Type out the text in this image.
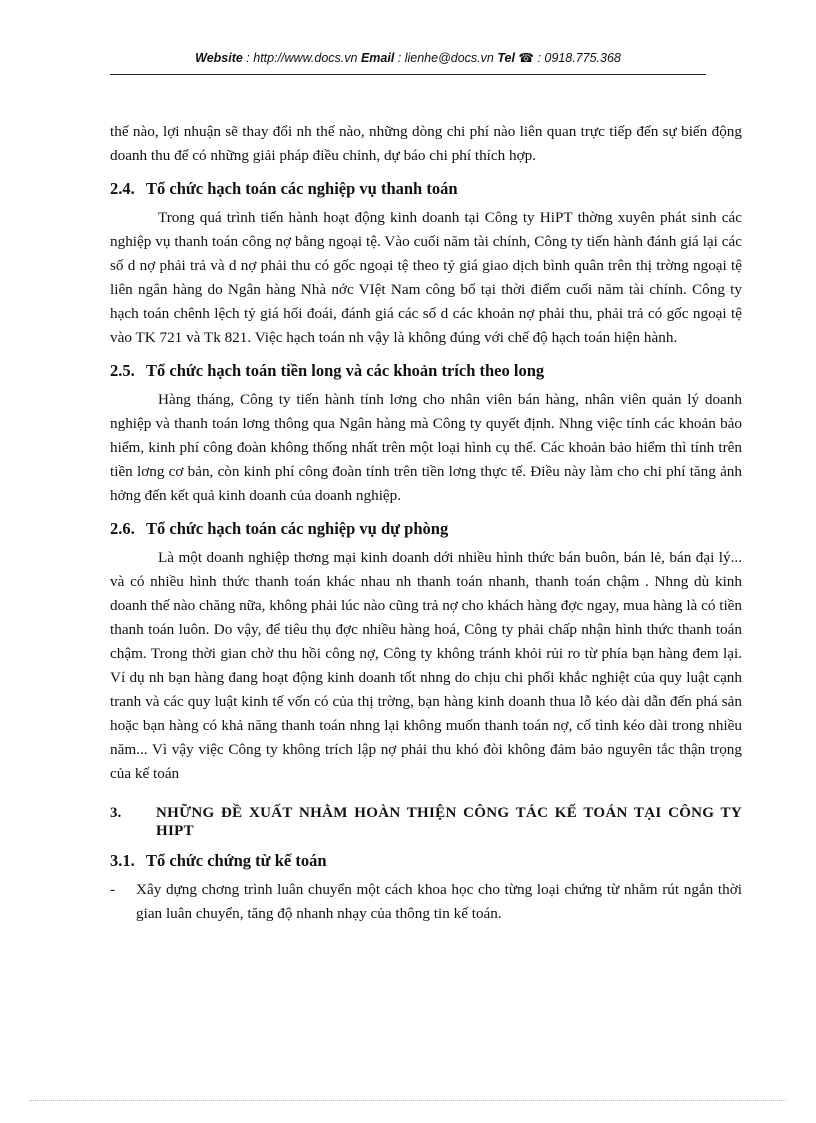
Website : http://www.docs.vn Email : lienhe@docs.vn Tel ☎ : 0918.775.368

thế nào, lợi nhuận sẽ thay đổi nh thế nào, những dòng chi phí nào liên quan trực tiếp đến sự biến động doanh thu để có những giải pháp điều chỉnh, dự báo chi phí thích hợp.

2.4. Tổ chức hạch toán các nghiệp vụ thanh toán

Trong quá trình tiến hành hoạt động kinh doanh tại Công ty HiPT thờng xuyên phát sinh các nghiệp vụ thanh toán công nợ bằng ngoại tệ. Vào cuối năm tài chính, Công ty tiến hành đánh giá lại các số d nợ phải trả và d nợ phải thu có gốc ngoại tệ theo tỷ giá giao dịch bình quân trên thị trờng ngoại tệ liên ngân hàng do Ngân hàng Nhà nớc VIệt Nam công bố tại thời điểm cuối năm tài chính. Công ty hạch toán chênh lệch tỷ giá hối đoái, đánh giá các số d các khoản nợ phải thu, phải trả có gốc ngoại tệ vào TK 721 và Tk 821. Việc hạch toán nh vậy là không đúng với chế độ hạch toán hiện hành.

2.5. Tổ chức hạch toán tiền long và các khoản trích theo long

Hàng tháng, Công ty tiến hành tính lơng cho nhân viên bán hàng, nhân viên quản lý doanh nghiệp và thanh toán lơng thông qua Ngân hàng mà Công ty quyết định. Nhng việc tính các khoản bảo hiểm, kinh phí công đoàn không thống nhất trên một loại hình cụ thể. Các khoản bảo hiểm thì tính trên tiền lơng cơ bản, còn kinh phí công đoàn tính trên tiền lơng thực tế. Điều này làm cho chi phí tăng ảnh hởng đến kết quả kinh doanh của doanh nghiệp.

2.6. Tổ chức hạch toán các nghiệp vụ dự phòng

Là một doanh nghiệp thơng mại kinh doanh dới nhiều hình thức bán buôn, bán lẻ, bán đại lý... và có nhiều hình thức thanh toán khác nhau nh thanh toán nhanh, thanh toán chậm . Nhng dù kinh doanh thế nào chăng nữa, không phải lúc nào cũng trả nợ cho khách hàng đợc ngay, mua hàng là có tiền thanh toán luôn. Do vậy, để tiêu thụ đợc nhiều hàng hoá, Công ty phải chấp nhận hình thức thanh toán chậm. Trong thời gian chờ thu hồi công nợ, Công ty không tránh khỏi rủi ro từ phía bạn hàng đem lại. Ví dụ nh bạn hàng đang hoạt động kinh doanh tốt nhng do chịu chi phối khắc nghiệt của quy luật cạnh tranh và các quy luật kinh tế vốn có của thị trờng, bạn hàng kinh doanh thua lỗ kéo dài dẫn đến phá sản hoặc bạn hàng có khả năng thanh toán nhng lại không muốn thanh toán nợ, cố tình kéo dài trong nhiều năm... Vì vậy việc Công ty không trích lập nợ phải thu khó đòi không đảm bảo nguyên tắc thận trọng của kế toán

3.	NHỮNG ĐỀ XUẤT NHẰM HOÀN THIỆN CÔNG TÁC KẾ TOÁN TẠI CÔNG TY HIPT
3.1. Tổ chức chứng từ kế toán
-	Xây dựng chơng trình luân chuyển một cách khoa học cho từng loại chứng từ nhằm rút ngắn thời gian luân chuyển, tăng độ nhanh nhạy của thông tin kế toán.
